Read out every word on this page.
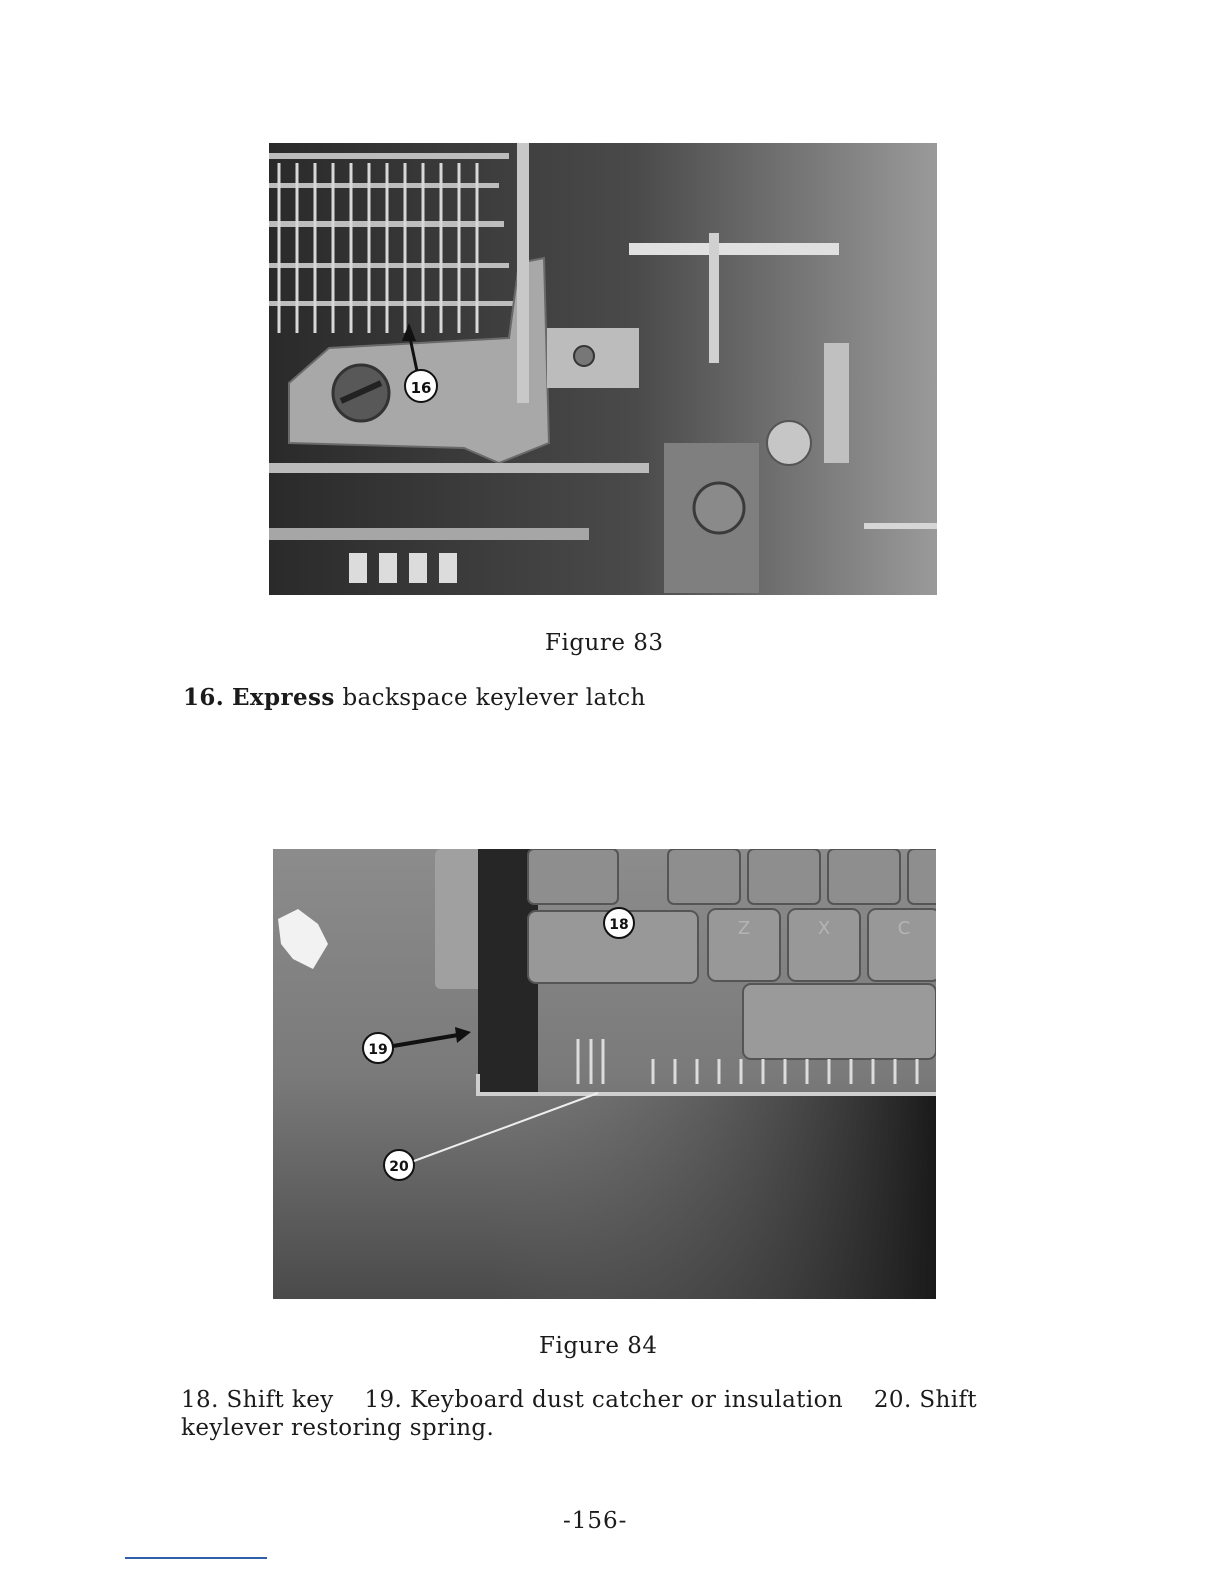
16
Figure 83
16. Express backspace keylever latch
Z	X	C
18
19
20
Figure 84
18. Shift key    19. Keyboard dust catcher or insulation    20. Shift
keylever restoring spring.
-156-
